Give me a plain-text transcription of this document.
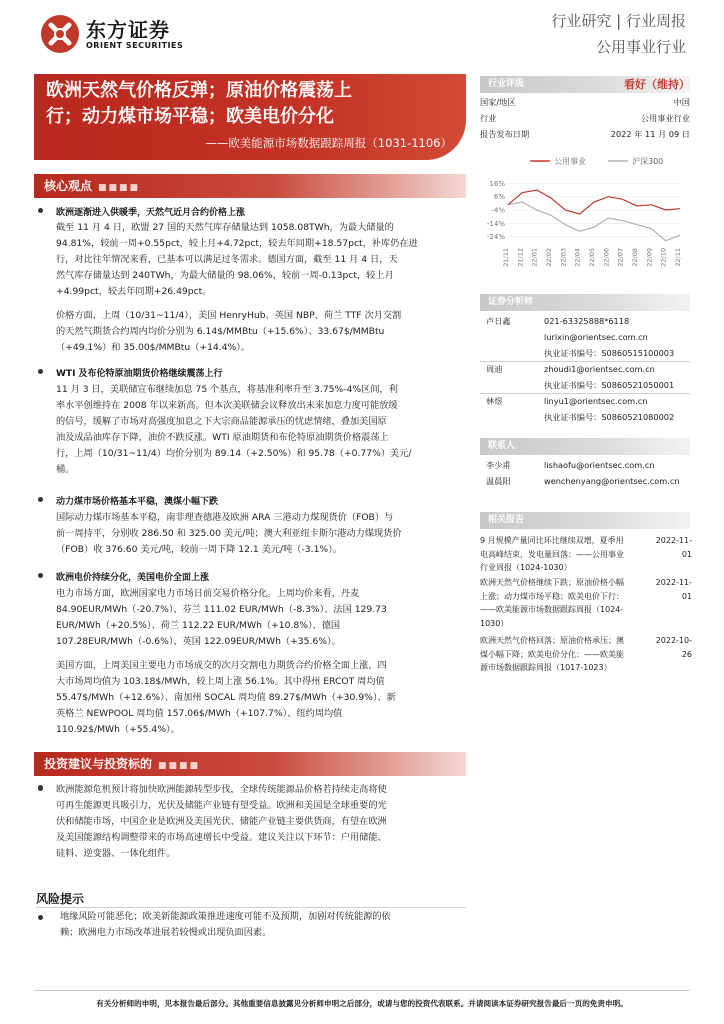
东方证券
ORIENT SECURITIES
行业研究 | 行业周报
公用事业行业
欧洲天然气价格反弹；原油价格震荡上
行；动力煤市场平稳；欧美电价分化
——欧美能源市场数据跟踪周报（1031-1106）
核心观点 ■■■■
欧洲逐渐进入供暖季，天然气近月合约价格上涨
截至 11 月 4 日，欧盟 27 国的天然气库存储量达到 1058.08TWh，为最大储量的
94.81%，较前一周+0.55pct，较上月+4.72pct，较去年同期+18.57pct，补库仍在进
行，对比往年情况来看，已基本可以满足过冬需求。德国方面，截至 11 月 4 日，天
然气库存储量达到 240TWh，为最大储量的 98.06%，较前一周-0.13pct，较上月
+4.99pct，较去年同期+26.49pct。
价格方面，上周（10/31~11/4），美国 HenryHub、英国 NBP、荷兰 TTF 次月交割
的天然气期货合约周内均价分别为 6.14$/MMBtu（+15.6%）、33.67$/MMBtu
（+49.1%）和 35.00$/MMBtu（+14.4%）。
WTI 及布伦特原油期货价格继续震荡上行
11 月 3 日，美联储宣布继续加息 75 个基点，将基准利率升至 3.75%-4%区间，利
率水平创维持在 2008 年以来新高。但本次美联储会议释放出未来加息力度可能放缓
的信号，缓解了市场对高强度加息之下大宗商品能源承压的忧虑情绪，叠加美国原
油及成品油库存下降，油价不跌反涨。WTI 原油期货和布伦特原油期货价格震荡上
行，上周（10/31~11/4）均价分别为 89.14（+2.50%）和 95.78（+0.77%）美元/
桶。
动力煤市场价格基本平稳，澳煤小幅下跌
国际动力煤市场基本平稳，南非理查德港及欧洲 ARA 三港动力煤现货价（FOB）与
前一周持平，分别收 286.50 和 325.00 美元/吨；澳大利亚纽卡斯尔港动力煤现货价
（FOB）收 376.60 美元/吨，较前一周下降 12.1 美元/吨（-3.1%）。
欧洲电价持续分化，美国电价全面上涨
电力市场方面，欧洲国家电力市场日前交易价格分化。上周均价来看，丹麦
84.90EUR/MWh（-20.7%）、芬兰 111.02 EUR/MWh（-8.3%）、法国 129.73
EUR/MWh（+20.5%）、荷兰 112.22 EUR/MWh（+10.8%）、德国
107.28EUR/MWh（-0.6%）、英国 122.09EUR/MWh（+35.6%）。
美国方面，上周美国主要电力市场成交的次月交割电力期货合约价格全面上涨，四
大市场周均值为 103.18$/MWh，较上周上涨 56.1%。其中得州 ERCOT 周均值
55.47$/MWh（+12.6%）、南加州 SOCAL 周均值 89.27$/MWh（+30.9%）、新
英格兰 NEWPOOL 周均值 157.06$/MWh（+107.7%）、纽约周均值
110.92$/MWh（+55.4%）。
投资建议与投资标的 ■■■■
欧洲能源危机预计将加快欧洲能源转型步伐，全球传统能源品价格若持续走高将使
可再生能源更具吸引力，光伏及储能产业链有望受益。欧洲和美国是全球重要的光
伏和储能市场，中国企业是欧洲及美国光伏、储能产业链主要供货商，有望在欧洲
及美国能源结构调整带来的市场高速增长中受益。建议关注以下环节：户用储能、
硅料、逆变器、一体化组件。
风险提示
地缘风险可能恶化；欧美新能源政策推进速度可能不及预期，加剧对传统能源的依
赖；欧洲电力市场改革进展若较慢或出现负面因素。
行业评级	看好（维持）
国家/地区	中国
行业	公用事业行业
报告发布日期	2022 年 11 月 09 日
公用事业	沪深300
16%
6%
-4%
-14%
-24%
21/11 21/12 22/01 22/02 22/03 22/04 22/05 22/06 22/07 22/08 22/09 22/10 22/11
证券分析师
卢日鑫	021-63325888*6118
lurixin@orientsec.com.cn
执业证书编号：S0860515100003
周迪	zhoudi1@orientsec.com.cn
执业证书编号：S0860521050001
林煜	linyu1@orientsec.com.cn
执业证书编号：S0860521080002
联系人
李少甫	lishaofu@orientsec.com.cn
温晨阳	wenchenyang@orientsec.com.cn
相关报告
9 月规模产量同比环比继续双增，夏季用
电高峰结束，发电量回落：——公用事业
行业周报（1024-1030）
2022-11-01
欧洲天然气价格继续下跌；原油价格小幅
上涨；动力煤市场平稳；欧美电价下行：
——欧美能源市场数据跟踪周报（1024-
1030）
2022-11-01
欧洲天然气价格回落；原油价格承压；澳
煤小幅下降；欧美电价分化：——欧美能
源市场数据跟踪周报（1017-1023）
2022-10-26
有关分析师的申明，见本报告最后部分。其他重要信息披露见分析师申明之后部分，或请与您的投资代表联系。并请阅读本证券研究报告最后一页的免责申明。
